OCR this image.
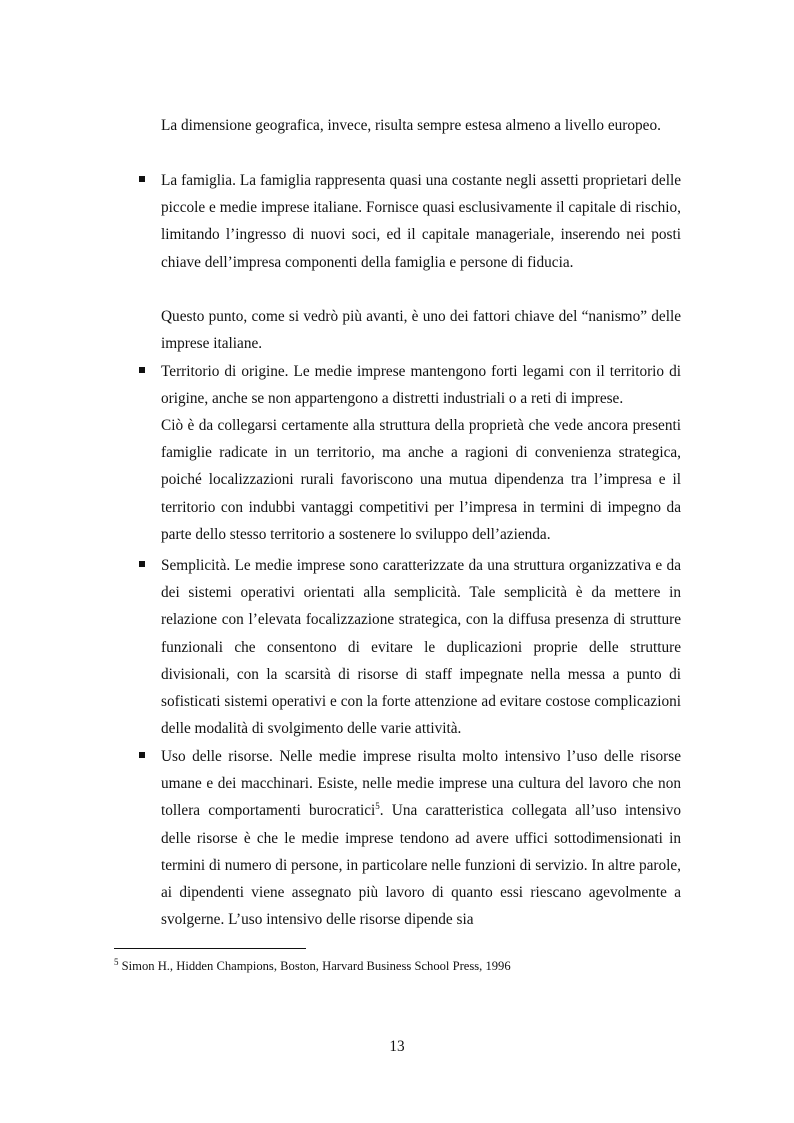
La dimensione geografica, invece, risulta sempre estesa almeno a livello europeo.

La famiglia. La famiglia rappresenta quasi una costante negli assetti proprietari delle piccole e medie imprese italiane. Fornisce quasi esclusivamente il capitale di rischio, limitando l’ingresso di nuovi soci, ed il capitale manageriale, inserendo nei posti chiave dell’impresa componenti della famiglia e persone di fiducia.

Questo punto, come si vedrò più avanti, è uno dei fattori chiave del “nanismo” delle imprese italiane.

Territorio di origine. Le medie imprese mantengono forti legami con il territorio di origine, anche se non appartengono a distretti industriali o a reti di imprese.

Ciò è da collegarsi certamente alla struttura della proprietà che vede ancora presenti famiglie radicate in un territorio, ma anche a ragioni di convenienza strategica, poiché localizzazioni rurali favoriscono una mutua dipendenza tra l’impresa e il territorio con indubbi vantaggi competitivi per l’impresa in termini di impegno da parte dello stesso territorio a sostenere lo sviluppo dell’azienda.

Semplicità. Le medie imprese sono caratterizzate da una struttura organizzativa e da dei sistemi operativi orientati alla semplicità. Tale semplicità è da mettere in relazione con l’elevata focalizzazione strategica, con la diffusa presenza di strutture funzionali che consentono di evitare le duplicazioni proprie delle strutture divisionali, con la scarsità di risorse di staff impegnate nella messa a punto di sofisticati sistemi operativi e con la forte attenzione ad evitare costose complicazioni delle modalità di svolgimento delle varie attività.

Uso delle risorse. Nelle medie imprese risulta molto intensivo l’uso delle risorse umane e dei macchinari. Esiste, nelle medie imprese una cultura del lavoro che non tollera comportamenti burocratici$^5$. Una caratteristica collegata all’uso intensivo delle risorse è che le medie imprese tendono ad avere uffici sottodimensionati in termini di numero di persone, in particolare nelle funzioni di servizio. In altre parole, ai dipendenti viene assegnato più lavoro di quanto essi riescano agevolmente a svolgerne. L’uso intensivo delle risorse dipende sia

$^5$ Simon H., Hidden Champions, Boston, Harvard Business School Press, 1996

13
